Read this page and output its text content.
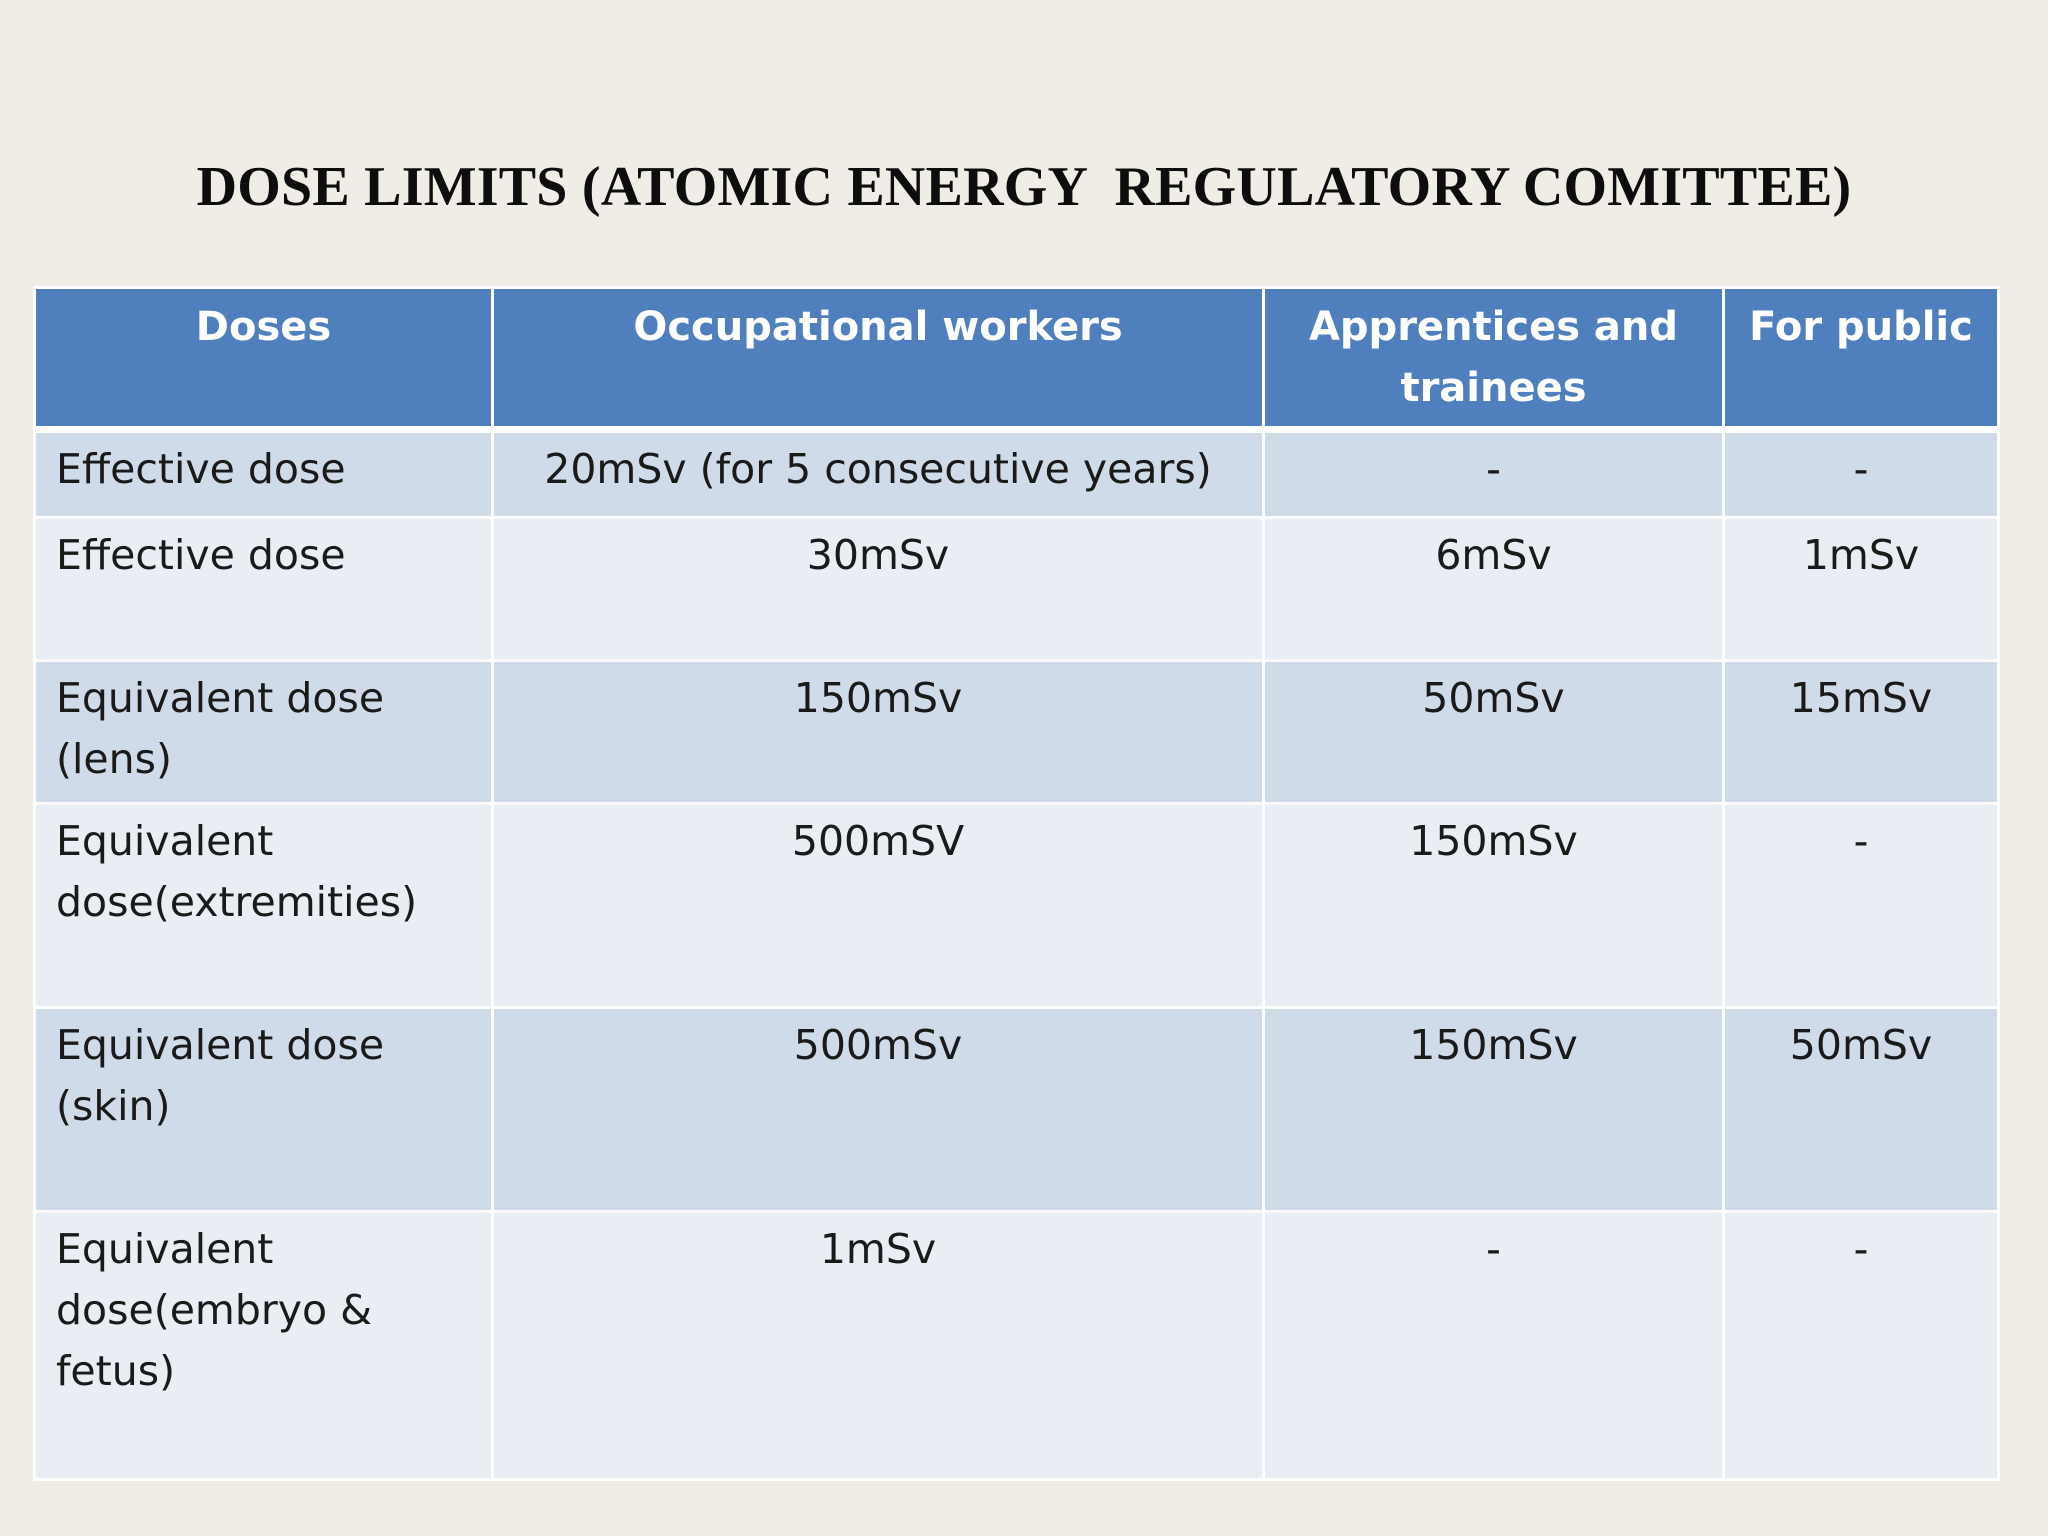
DOSE LIMITS (ATOMIC ENERGY  REGULATORY COMITTEE)
Doses	Occupational workers	Apprentices and trainees	For public
Effective dose	20mSv (for 5 consecutive years)	-	-
Effective dose	30mSv	6mSv	1mSv
Equivalent dose (lens)	150mSv	50mSv	15mSv
Equivalent dose(extremities)	500mSV	150mSv	-
Equivalent dose (skin)	500mSv	150mSv	50mSv
Equivalent dose(embryo & fetus)	1mSv	-	-
